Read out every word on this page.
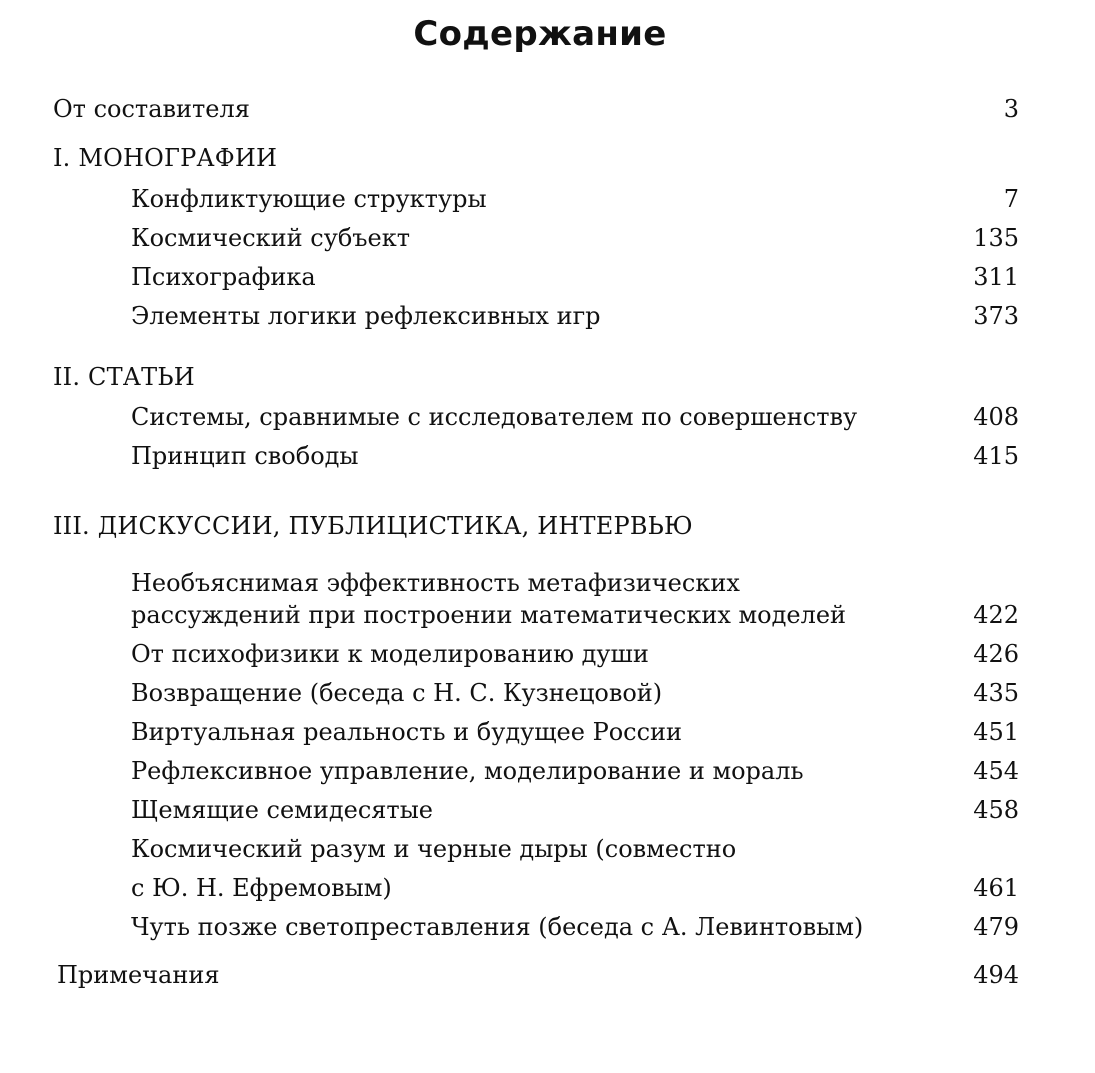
Содержание
От составителя	3
I. МОНОГРАФИИ
Конфликтующие структуры	7
Космический субъект	135
Психографика	311
Элементы логики рефлексивных игр	373
II. СТАТЬИ
Системы, сравнимые с исследователем по совершенству	408
Принцип свободы	415
III. ДИСКУССИИ, ПУБЛИЦИСТИКА, ИНТЕРВЬЮ
Необъяснимая эффективность метафизических
рассуждений при построении математических моделей	422
От психофизики к моделированию души	426
Возвращение (беседа с Н. С. Кузнецовой)	435
Виртуальная реальность и будущее России	451
Рефлексивное управление, моделирование и мораль	454
Щемящие семидесятые	458
Космический разум и черные дыры (совместно
с Ю. Н. Ефремовым)	461
Чуть позже светопреставления (беседа с А. Левинтовым)	479
Примечания	494
